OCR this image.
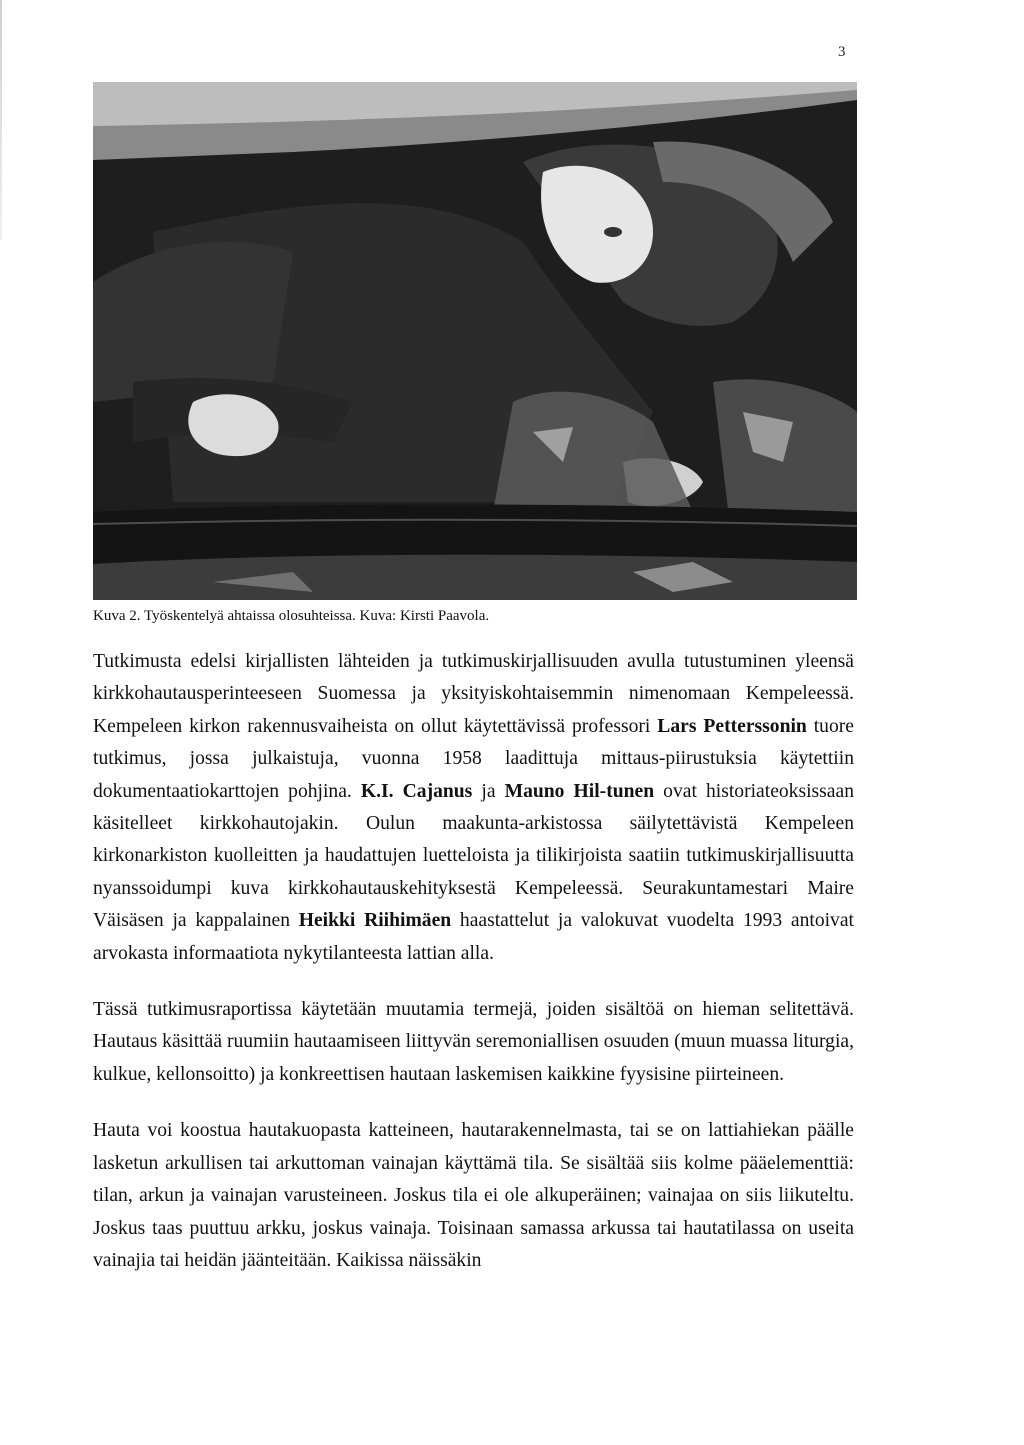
3
Kuva 2. Työskentelyä ahtaissa olosuhteissa. Kuva: Kirsti Paavola.

Tutkimusta edelsi kirjallisten lähteiden ja tutkimuskirjallisuuden avulla tutustuminen yleensä kirkkohautausperinteeseen Suomessa ja yksityiskohtaisemmin nimenomaan Kempeleessä. Kempeleen kirkon rakennusvaiheista on ollut käytettävissä professori Lars Petterssonin tuore tutkimus, jossa julkaistuja, vuonna 1958 laadittuja mittaus-piirustuksia käytettiin dokumentaatiokarttojen pohjina. K.I. Cajanus ja Mauno Hil-tunen ovat historiateoksissaan käsitelleet kirkkohautojakin. Oulun maakunta-arkistossa säilytettävistä Kempeleen kirkonarkiston kuolleitten ja haudattujen luetteloista ja tilikirjoista saatiin tutkimuskirjallisuutta nyanssoidumpi kuva kirkkohautauskehityksestä Kempeleessä. Seurakuntamestari Maire Väisäsen ja kappalainen Heikki Riihimäen haastattelut ja valokuvat vuodelta 1993 antoivat arvokasta informaatiota nykytilanteesta lattian alla.

Tässä tutkimusraportissa käytetään muutamia termejä, joiden sisältöä on hieman selitettävä. Hautaus käsittää ruumiin hautaamiseen liittyvän seremoniallisen osuuden (muun muassa liturgia, kulkue, kellonsoitto) ja konkreettisen hautaan laskemisen kaikkine fyysisine piirteineen.

Hauta voi koostua hautakuopasta katteineen, hautarakennelmasta, tai se on lattiahiekan päälle lasketun arkullisen tai arkuttoman vainajan käyttämä tila. Se sisältää siis kolme pääelementtiä: tilan, arkun ja vainajan varusteineen. Joskus tila ei ole alkuperäinen; vainajaa on siis liikuteltu. Joskus taas puuttuu arkku, joskus vainaja. Toisinaan samassa arkussa tai hautatilassa on useita vainajia tai heidän jäänteitään. Kaikissa näissäkin
